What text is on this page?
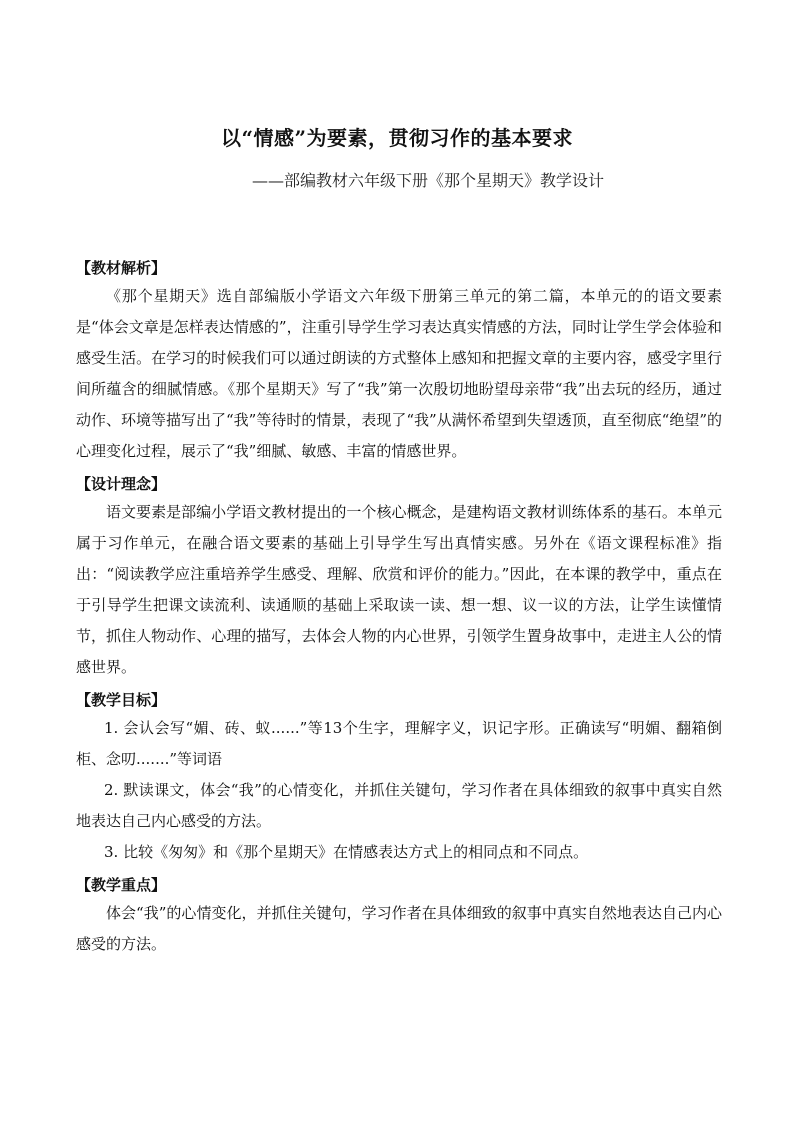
以“情感”为要素，贯彻习作的基本要求
——部编教材六年级下册《那个星期天》教学设计

【教材解析】

《那个星期天》选自部编版小学语文六年级下册第三单元的第二篇，本单元的的语文要素是“体会文章是怎样表达情感的”，注重引导学生学习表达真实情感的方法，同时让学生学会体验和感受生活。在学习的时候我们可以通过朗读的方式整体上感知和把握文章的主要内容，感受字里行间所蕴含的细腻情感。《那个星期天》写了“我”第一次殷切地盼望母亲带“我”出去玩的经历，通过动作、环境等描写出了“我”等待时的情景，表现了“我”从满怀希望到失望透顶，直至彻底“绝望”的心理变化过程，展示了“我”细腻、敏感、丰富的情感世界。

【设计理念】

语文要素是部编小学语文教材提出的一个核心概念，是建构语文教材训练体系的基石。本单元属于习作单元，在融合语文要素的基础上引导学生写出真情实感。另外在《语文课程标准》指出：“阅读教学应注重培养学生感受、理解、欣赏和评价的能力。”因此，在本课的教学中，重点在于引导学生把课文读流利、读通顺的基础上采取读一读、想一想、议一议的方法，让学生读懂情节，抓住人物动作、心理的描写，去体会人物的内心世界，引领学生置身故事中，走进主人公的情感世界。

【教学目标】

1. 会认会写“媚、砖、蚁......”等13个生字，理解字义，识记字形。正确读写“明媚、翻箱倒柜、念叨.......”等词语

2. 默读课文，体会“我”的心情变化，并抓住关键句，学习作者在具体细致的叙事中真实自然地表达自己内心感受的方法。

3. 比较《匆匆》和《那个星期天》在情感表达方式上的相同点和不同点。

【教学重点】

体会“我”的心情变化，并抓住关键句，学习作者在具体细致的叙事中真实自然地表达自己内心感受的方法。
